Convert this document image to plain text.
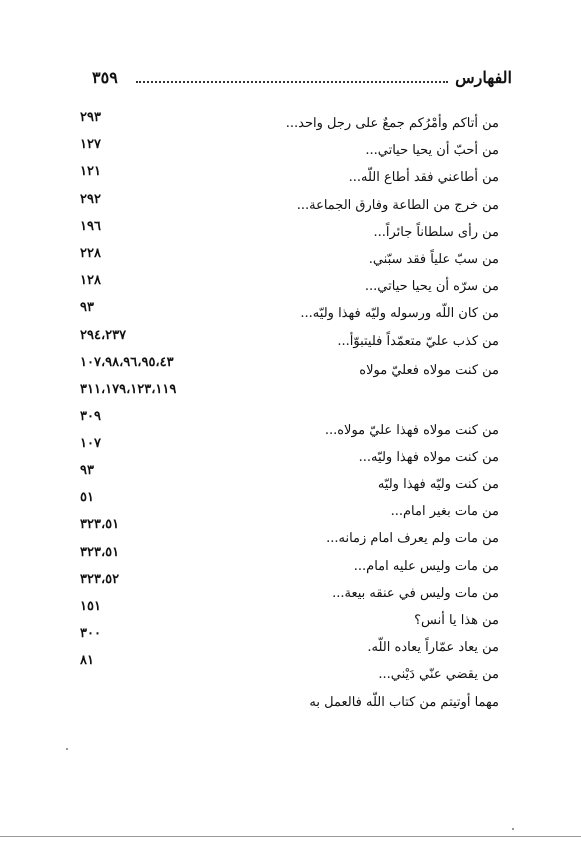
٣٥٩	الفهارس
من أتاكم وأمْرُكم جمعٌ على رجل واحد...
٢٩٣
من أحبّ أن يحيا حياتي...
١٢٧
من أطاعني فقد أطاع اللّه...
١٢١
من خرج من الطاعة وفارق الجماعة...
٢٩٢
من رأى سلطاناً جائراً...
١٩٦
من سبّ علياً فقد سبّني.
٢٢٨
من سرّه أن يحيا حياتي...
١٢٨
من كان اللّه ورسوله وليّه فهذا وليّه...
٩٣
من كذب عليّ متعمّداً فليتبوّأ...
٢٩٤،٢٣٧
من كنت مولاه فعليّ مولاه
١٠٧،٩٨،٩٦،٩٥،٤٣
٣١١،١٧٩،١٢٣،١١٩
من كنت مولاه فهذا عليّ مولاه...
٣٠٩
من كنت مولاه فهذا وليّه...
١٠٧
من كنت وليّه فهذا وليّه
٩٣
من مات بغير امام...
٥١
من مات ولم يعرف امام زمانه...
٣٢٣،٥١
من مات وليس عليه امام...
٣٢٣،٥١
من مات وليس في عنقه بيعة...
٣٢٣،٥٢
من هذا يا أنس؟
١٥١
من يعاد عمّاراً يعاده اللّه.
٣٠٠
من يقضي عنّي دَيْني...
٨١
مهما أوتيتم من كتاب اللّه فالعمل به
